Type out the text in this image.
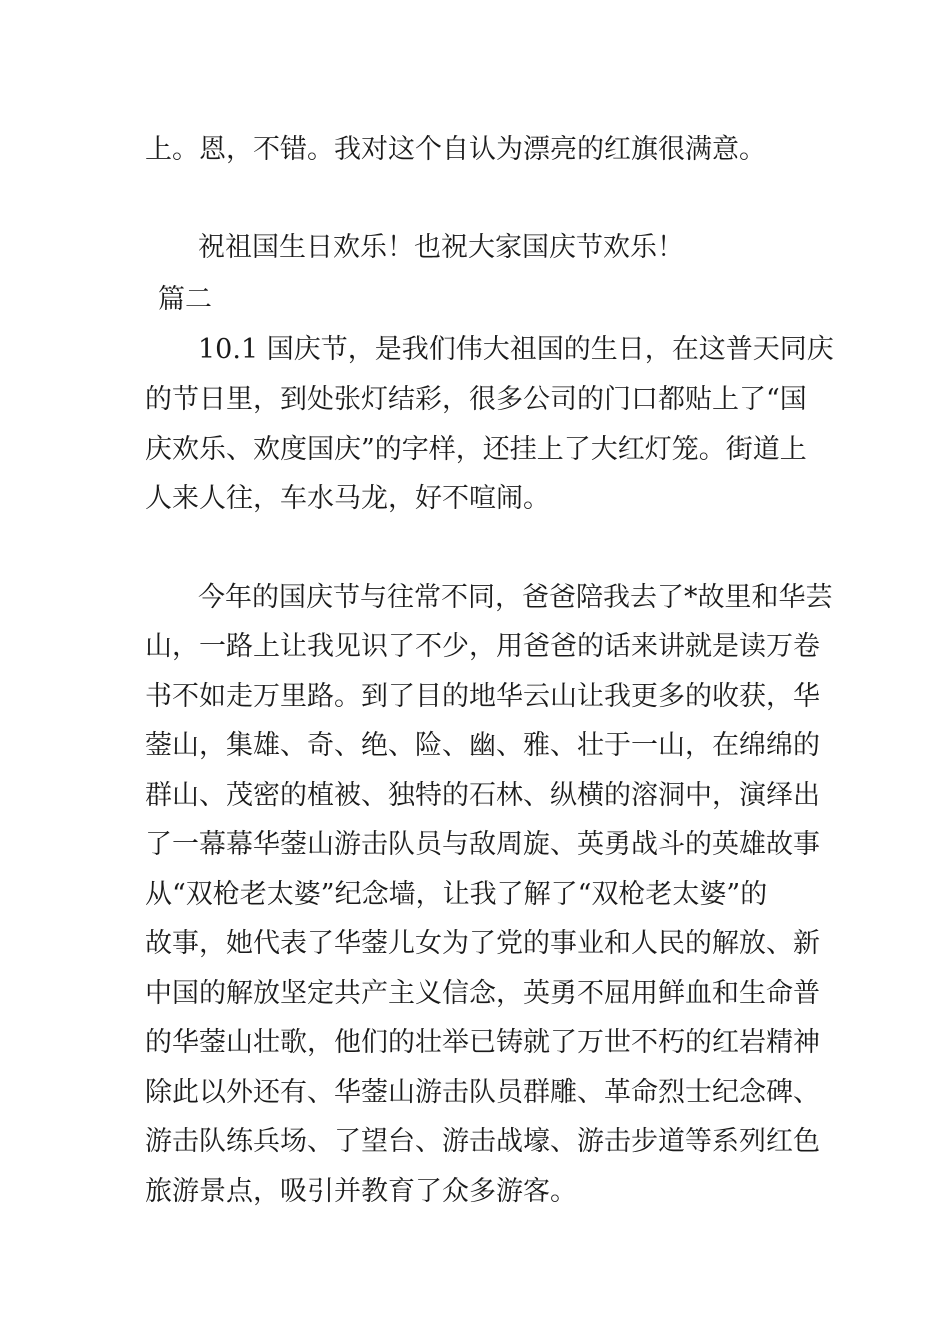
上。恩，不错。我对这个自认为漂亮的红旗很满意。
祝祖国生日欢乐！也祝大家国庆节欢乐！
篇二
10.1 国庆节，是我们伟大祖国的生日，在这普天同庆
的节日里，到处张灯结彩，很多公司的门口都贴上了“国
庆欢乐、欢度国庆”的字样，还挂上了大红灯笼。街道上
人来人往，车水马龙，好不喧闹。
今年的国庆节与往常不同，爸爸陪我去了*故里和华芸
山，一路上让我见识了不少，用爸爸的话来讲就是读万卷
书不如走万里路。到了目的地华云山让我更多的收获，华
蓥山，集雄、奇、绝、险、幽、雅、壮于一山，在绵绵的
群山、茂密的植被、独特的石林、纵横的溶洞中，演绎出
了一幕幕华蓥山游击队员与敌周旋、英勇战斗的英雄故事
从“双枪老太婆”纪念墙，让我了解了“双枪老太婆”的
故事，她代表了华蓥儿女为了党的事业和人民的解放、新
中国的解放坚定共产主义信念，英勇不屈用鲜血和生命普
的华蓥山壮歌，他们的壮举已铸就了万世不朽的红岩精神
除此以外还有、华蓥山游击队员群雕、革命烈士纪念碑、
游击队练兵场、了望台、游击战壕、游击步道等系列红色
旅游景点，吸引并教育了众多游客。
